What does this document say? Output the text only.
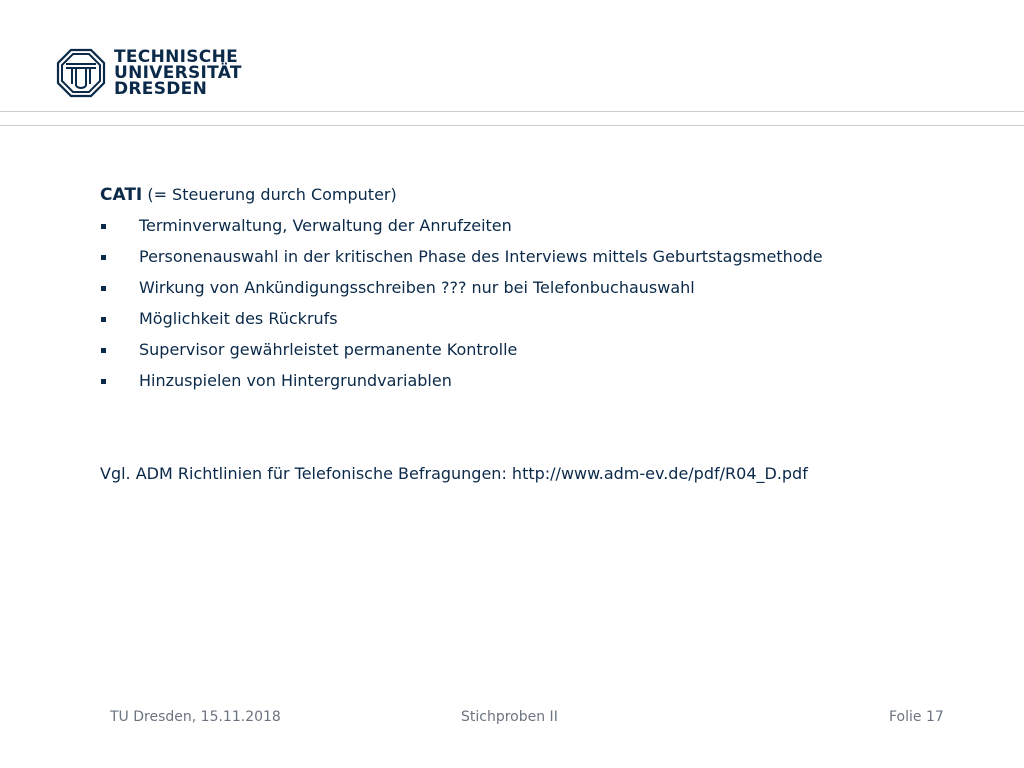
TECHNISCHE
UNIVERSITÄT
DRESDEN
CATI (= Steuerung durch Computer)
Terminverwaltung, Verwaltung der Anrufzeiten
Personenauswahl in der kritischen Phase des Interviews mittels Geburtstagsmethode
Wirkung von Ankündigungsschreiben ??? nur bei Telefonbuchauswahl
Möglichkeit des Rückrufs
Supervisor gewährleistet permanente Kontrolle
Hinzuspielen von Hintergrundvariablen
Vgl. ADM Richtlinien für Telefonische Befragungen: http://www.adm-ev.de/pdf/R04_D.pdf
TU Dresden, 15.11.2018	Stichproben II	Folie 17
